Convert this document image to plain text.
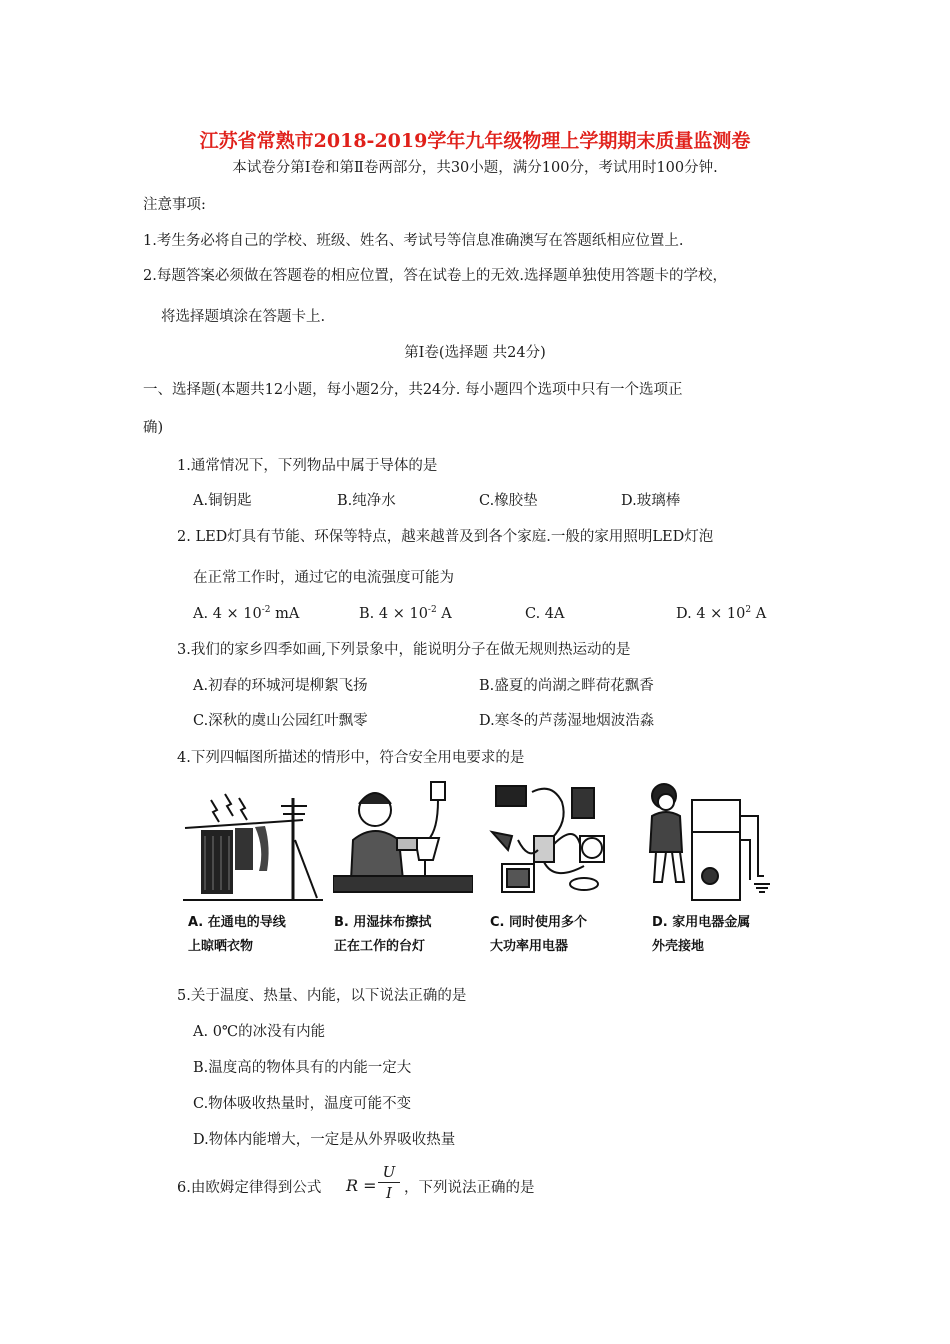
江苏省常熟市2018-2019学年九年级物理上学期期末质量监测卷
本试卷分第Ⅰ卷和第Ⅱ卷两部分，共30小题，满分100分，考试用时100分钟.
注意事项:
1.考生务必将自己的学校、班级、姓名、考试号等信息准确澳写在答题纸相应位置上.
2.每题答案必须做在答题卷的相应位置，答在试卷上的无效.选择题单独使用答题卡的学校，
将选择题填涂在答题卡上.
第Ⅰ卷(选择题 共24分)
一、选择题(本题共12小题，每小题2分，共24分. 每小题四个选项中只有一个选项正
确)
1.通常情况下，下列物品中属于导体的是
A.铜钥匙	B.纯净水	C.橡胶垫	D.玻璃棒
2. LED灯具有节能、环保等特点，越来越普及到各个家庭.一般的家用照明LED灯泡
在正常工作时，通过它的电流强度可能为
A. $4 \times 10^{-2}$ mA	B. $4 \times 10^{-2}$ A	C. 4A	D. $4 \times 10^2$ A
3.我们的家乡四季如画,下列景象中，能说明分子在做无规则热运动的是
A.初春的环城河堤柳絮飞扬	B.盛夏的尚湖之畔荷花飘香
C.深秋的虞山公园红叶飘零	D.寒冬的芦荡湿地烟波浩淼
4.下列四幅图所描述的情形中，符合安全用电要求的是
A. 在通电的导线
上晾晒衣物
B. 用湿抹布擦拭
正在工作的台灯
C. 同时使用多个
大功率用电器
D. 家用电器金属
外壳接地
5.关于温度、热量、内能，以下说法正确的是
A. 0℃的冰没有内能
B.温度高的物体具有的内能一定大
C.物体吸收热量时，温度可能不变
D.物体内能增大，一定是从外界吸收热量
6.由欧姆定律得到公式 R =
U
I ，下列说法正确的是
